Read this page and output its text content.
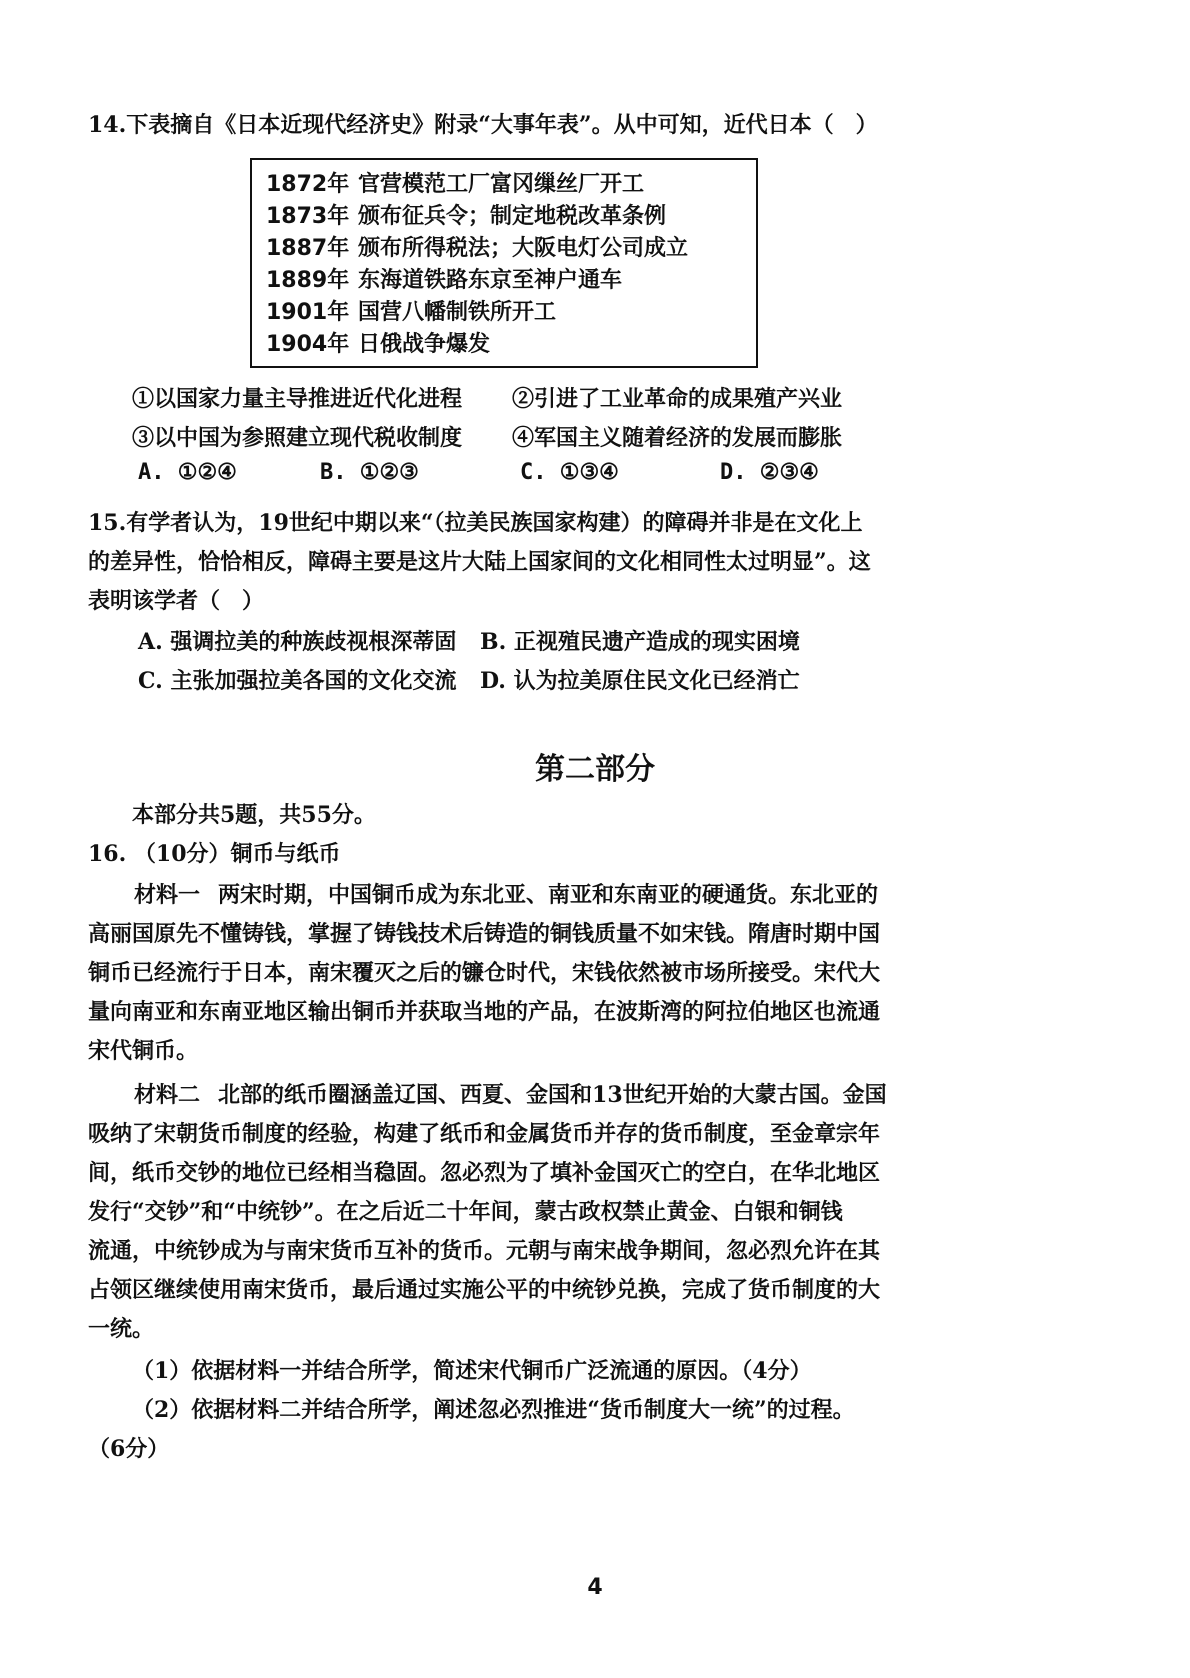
14.下表摘自《日本近现代经济史》附录“大事年表”。从中可知，近代日本（　）
1872年 官营模范工厂富冈缫丝厂开工
1873年 颁布征兵令；制定地税改革条例
1887年 颁布所得税法；大阪电灯公司成立
1889年 东海道铁路东京至神户通车
1901年 国营八幡制铁所开工
1904年 日俄战争爆发
①以国家力量主导推进近代化进程 ②引进了工业革命的成果殖产兴业
③以中国为参照建立现代税收制度 ④军国主义随着经济的发展而膨胀
A. ①②④	B. ①②③	C. ①③④	D. ②③④
15.有学者认为，19世纪中期以来“（拉美民族国家构建）的障碍并非是在文化上
的差异性，恰恰相反，障碍主要是这片大陆上国家间的文化相同性太过明显”。这
表明该学者（　）
A. 强调拉美的种族歧视根深蒂固 B. 正视殖民遗产造成的现实困境
C. 主张加强拉美各国的文化交流 D. 认为拉美原住民文化已经消亡
第二部分
本部分共5题，共55分。
16. （10分）铜币与纸币
材料一 两宋时期，中国铜币成为东北亚、南亚和东南亚的硬通货。东北亚的
高丽国原先不懂铸钱，掌握了铸钱技术后铸造的铜钱质量不如宋钱。隋唐时期中国
铜币已经流行于日本，南宋覆灭之后的镰仓时代，宋钱依然被市场所接受。宋代大
量向南亚和东南亚地区输出铜币并获取当地的产品，在波斯湾的阿拉伯地区也流通
宋代铜币。
材料二 北部的纸币圈涵盖辽国、西夏、金国和13世纪开始的大蒙古国。金国
吸纳了宋朝货币制度的经验，构建了纸币和金属货币并存的货币制度，至金章宗年
间，纸币交钞的地位已经相当稳固。忽必烈为了填补金国灭亡的空白，在华北地区
发行“交钞”和“中统钞”。在之后近二十年间，蒙古政权禁止黄金、白银和铜钱
流通，中统钞成为与南宋货币互补的货币。元朝与南宋战争期间，忽必烈允许在其
占领区继续使用南宋货币，最后通过实施公平的中统钞兑换，完成了货币制度的大
一统。
（1）依据材料一并结合所学，简述宋代铜币广泛流通的原因。（4分）
（2）依据材料二并结合所学，阐述忽必烈推进“货币制度大一统”的过程。
（6分）
4
